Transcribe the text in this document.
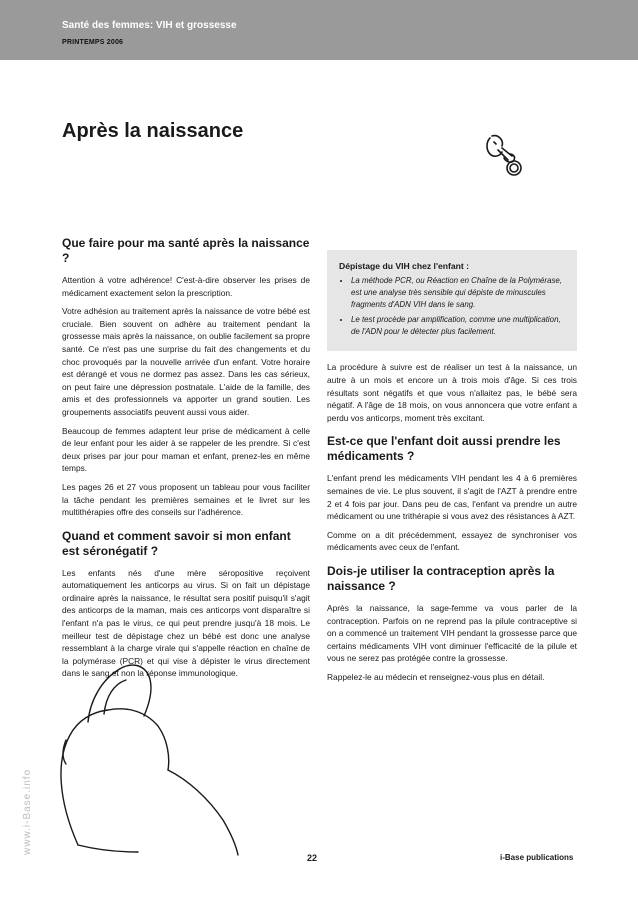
Santé des femmes: VIH et grossesse
PRINTEMPS 2006
Après la naissance
Que faire pour ma santé après la naissance ?

Attention à votre adhérence! C'est-à-dire observer les prises de médicament exactement selon la prescription.

Votre adhésion au traitement après la naissance de votre bébé est cruciale. Bien souvent on adhère au traitement pendant la grossesse mais après la naissance, on oublie facilement sa propre santé. Ce n'est pas une surprise du fait des changements et du choc provoqués par la nouvelle arrivée d'un enfant. Votre horaire est dérangé et vous ne dormez pas assez. Dans les cas sérieux, on peut faire une dépression postnatale. L'aide de la famille, des amis et des professionnels va apporter un grand soutien. Les groupements associatifs peuvent aussi vous aider.

Beaucoup de femmes adaptent leur prise de médicament à celle de leur enfant pour les aider à se rappeler de les prendre. Si c'est deux prises par jour pour maman et enfant, prenez-les en même temps.

Les pages 26 et 27 vous proposent un tableau pour vous faciliter la tâche pendant les premières semaines et le livret sur les multithérapies offre des conseils sur l'adhérence.

Quand et comment savoir si mon enfant est séronégatif ?

Les enfants nés d'une mère séropositive reçoivent automatiquement les anticorps au virus. Si on fait un dépistage ordinaire après la naissance, le résultat sera positif puisqu'il s'agit des anticorps de la maman, mais ces anticorps vont disparaître si l'enfant n'a pas le virus, ce qui peut prendre jusqu'à 18 mois. Le meilleur test de dépistage chez un bébé est donc une analyse ressemblant à la charge virale qui s'appelle réaction en chaîne de la polymérase (PCR) et qui vise à dépister le virus directement dans le sang et non la réponse immunologique.

Dépistage du VIH chez l'enfant :
• La méthode PCR, ou Réaction en Chaîne de la Polymérase, est une analyse très sensible qui dépiste de minuscules fragments d'ADN VIH dans le sang.
• Le test procède par amplification, comme une multiplication, de l'ADN pour le détecter plus facilement.

La procédure à suivre est de réaliser un test à la naissance, un autre à un mois et encore un à trois mois d'âge. Si ces trois résultats sont négatifs et que vous n'allaitez pas, le bébé sera négatif. A l'âge de 18 mois, on vous annoncera que votre enfant a perdu vos anticorps, moment très excitant.

Est-ce que l'enfant doit aussi prendre les médicaments ?

L'enfant prend les médicaments VIH pendant les 4 à 6 premières semaines de vie. Le plus souvent, il s'agit de l'AZT à prendre entre 2 et 4 fois par jour. Dans peu de cas, l'enfant va prendre un autre médicament ou une trithérapie si vous avez des résistances à AZT.

Comme on a dit précédemment, essayez de synchroniser vos médicaments avec ceux de l'enfant.

Dois-je utiliser la contraception après la naissance ?

Après la naissance, la sage-femme va vous parler de la contraception. Parfois on ne reprend pas la pilule contraceptive si on a commencé un traitement VIH pendant la grossesse parce que certains médicaments VIH vont diminuer l'efficacité de la pilule et vous ne serez pas protégée contre la grossesse.

Rappelez-le au médecin et renseignez-vous plus en détail.

www.i-Base.info
22	i-Base publications
